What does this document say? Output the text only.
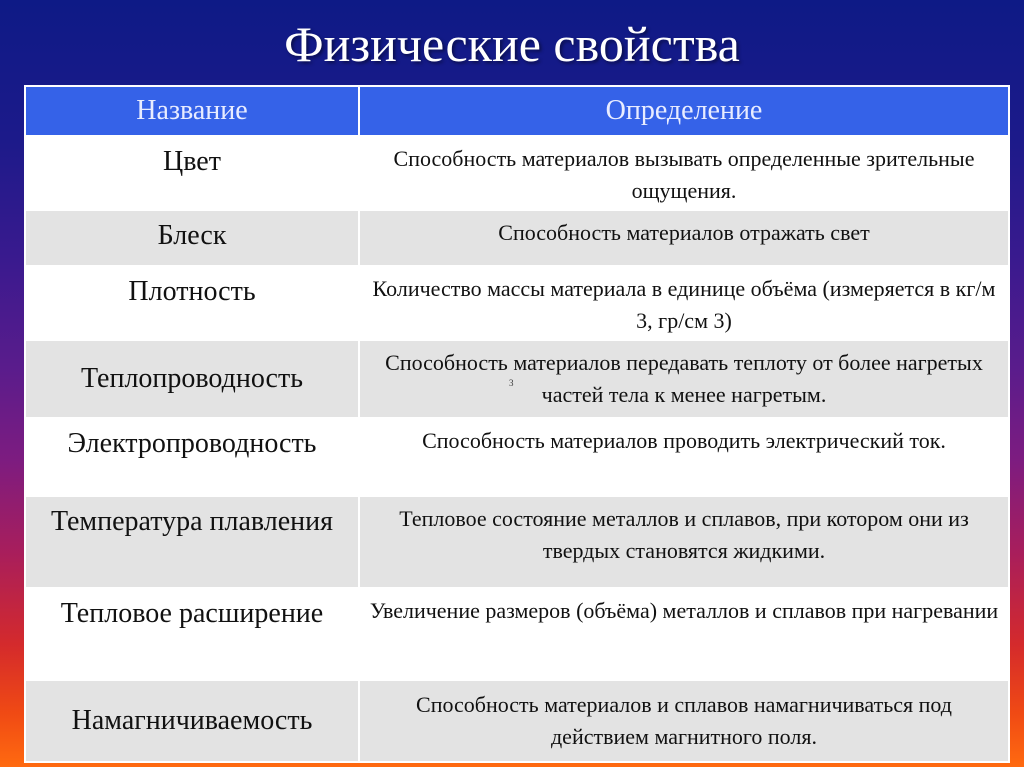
Физические свойства
Название	Определение
Цвет	Способность материалов вызывать определенные зрительные ощущения.
Блеск	Способность материалов отражать свет
Плотность	Количество массы материала в единице объёма (измеряется в кг/м 3, гр/см 3)
Теплопроводность	Способность материалов передавать теплоту от более нагретых частей тела к менее нагретым.
Электропроводность	Способность материалов проводить электрический ток.
Температура плавления	Тепловое состояние металлов и сплавов, при котором они из твердых становятся жидкими.
Тепловое расширение	Увеличение размеров (объёма) металлов и сплавов при нагревании
Намагничиваемость	Способность материалов и сплавов намагничиваться под действием магнитного поля.
3
